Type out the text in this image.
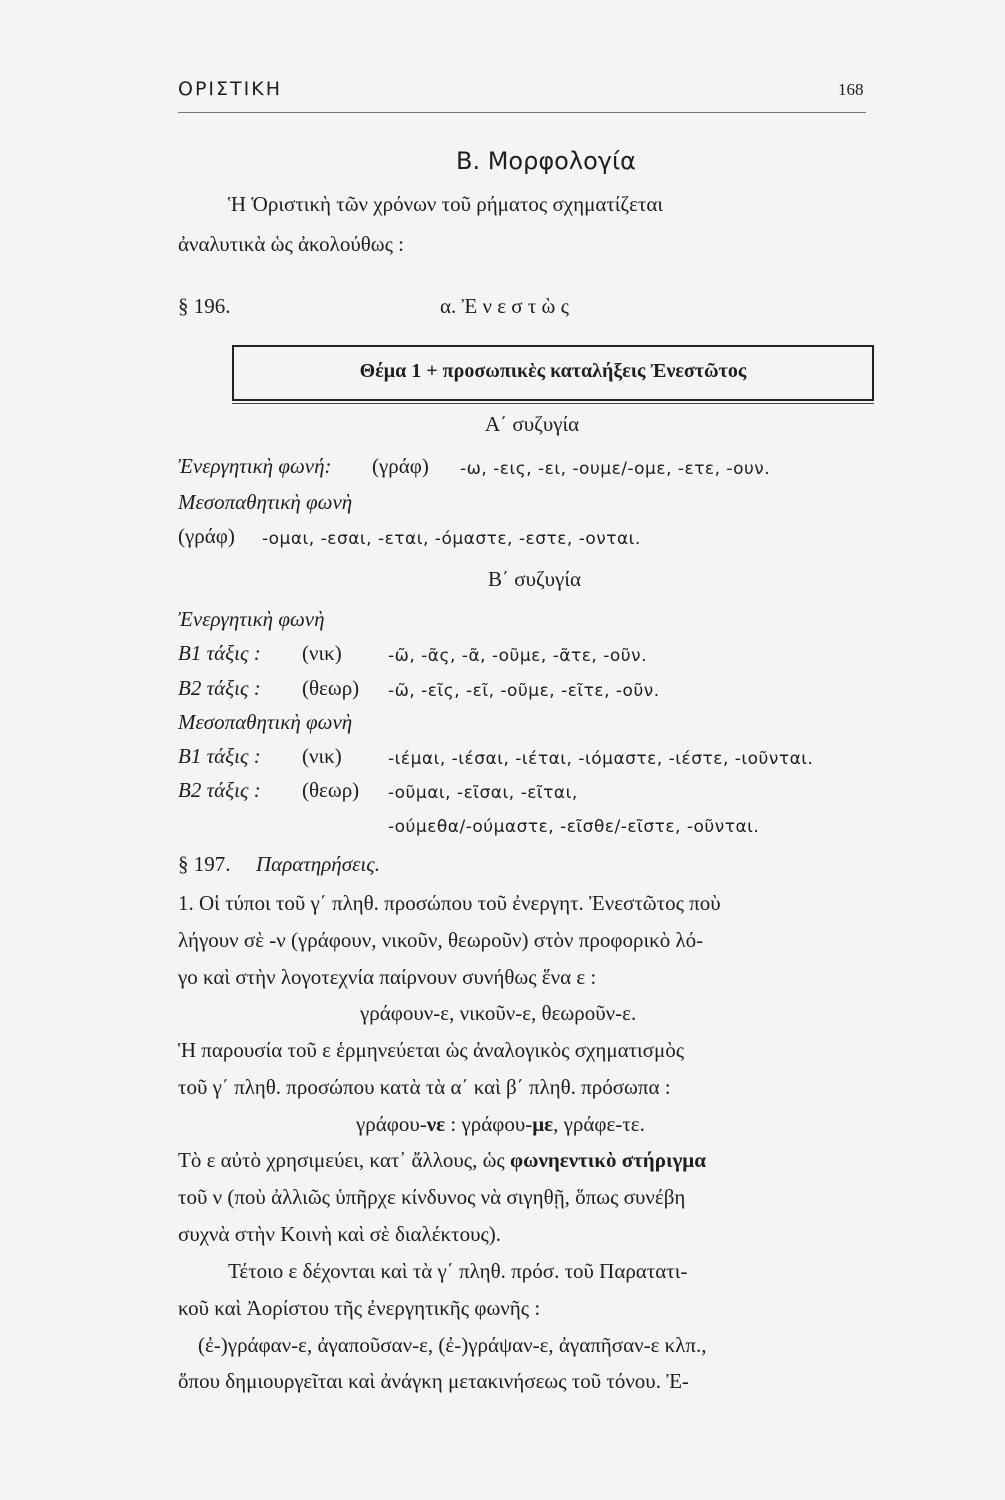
ΟΡΙΣΤΙΚΗ	168
Β. Μορφολογία
Ἡ Ὁριστικὴ τῶν χρόνων τοῦ ρήματος σχηματίζεται
ἀναλυτικὰ ὡς ἀκολούθως :
§ 196.	α. Ἐ ν ε σ τ ὼ ς
Θέμα 1 + προσωπικὲς καταλήξεις Ἐνεστῶτος
Α΄ συζυγία
Ἐνεργητικὴ φωνή: (γράφ) -ω, -εις, -ει, -ουμε/-ομε, -ετε, -ουν.
Μεσοπαθητικὴ φωνὴ
(γράφ) -ομαι, -εσαι, -εται, -όμαστε, -εστε, -ονται.
Β΄ συζυγία
Ἐνεργητικὴ φωνὴ
Β1 τάξις : (νικ)	-ῶ, -ᾶς, -ᾶ, -οῦμε, -ᾶτε, -οῦν.
Β2 τάξις : (θεωρ) -ῶ, -εῖς, -εῖ, -οῦμε, -εῖτε, -οῦν.
Μεσοπαθητικὴ φωνὴ
Β1 τάξις : (νικ)	-ιέμαι, -ιέσαι, -ιέται, -ιόμαστε, -ιέστε, -ιοῦνται.
Β2 τάξις : (θεωρ) -οῦμαι, -εῖσαι, -εῖται,
-ούμεθα/-ούμαστε, -εῖσθε/-εῖστε, -οῦνται.
§ 197. Παρατηρήσεις.
1. Οἱ τύποι τοῦ γ΄ πληθ. προσώπου τοῦ ἐνεργητ. Ἐνεστῶτος ποὺ
λήγουν σὲ -ν (γράφουν, νικοῦν, θεωροῦν) στὸν προφορικὸ λό-
γο καὶ στὴν λογοτεχνία παίρνουν συνήθως ἕνα ε :
γράφουν-ε, νικοῦν-ε, θεωροῦν-ε.
Ἡ παρουσία τοῦ ε ἑρμηνεύεται ὡς ἀναλογικὸς σχηματισμὸς
τοῦ γ΄ πληθ. προσώπου κατὰ τὰ α΄ καὶ β΄ πληθ. πρόσωπα :
γράφου-νε : γράφου-με, γράφε-τε.
Τὸ ε αὐτὸ χρησιμεύει, κατ᾽ ἄλλους, ὡς φωνηεντικὸ στήριγμα
τοῦ ν (ποὺ ἀλλιῶς ὑπῆρχε κίνδυνος νὰ σιγηθῇ, ὅπως συνέβη
συχνὰ στὴν Κοινὴ καὶ σὲ διαλέκτους).
Τέτοιο ε δέχονται καὶ τὰ γ΄ πληθ. πρόσ. τοῦ Παρατατι-
κοῦ καὶ Ἀορίστου τῆς ἐνεργητικῆς φωνῆς :
(ἐ-)γράφαν-ε, ἀγαποῦσαν-ε, (ἐ-)γράψαν-ε, ἀγαπῆσαν-ε κλπ.,
ὅπου δημιουργεῖται καὶ ἀνάγκη μετακινήσεως τοῦ τόνου. Ἐ-
